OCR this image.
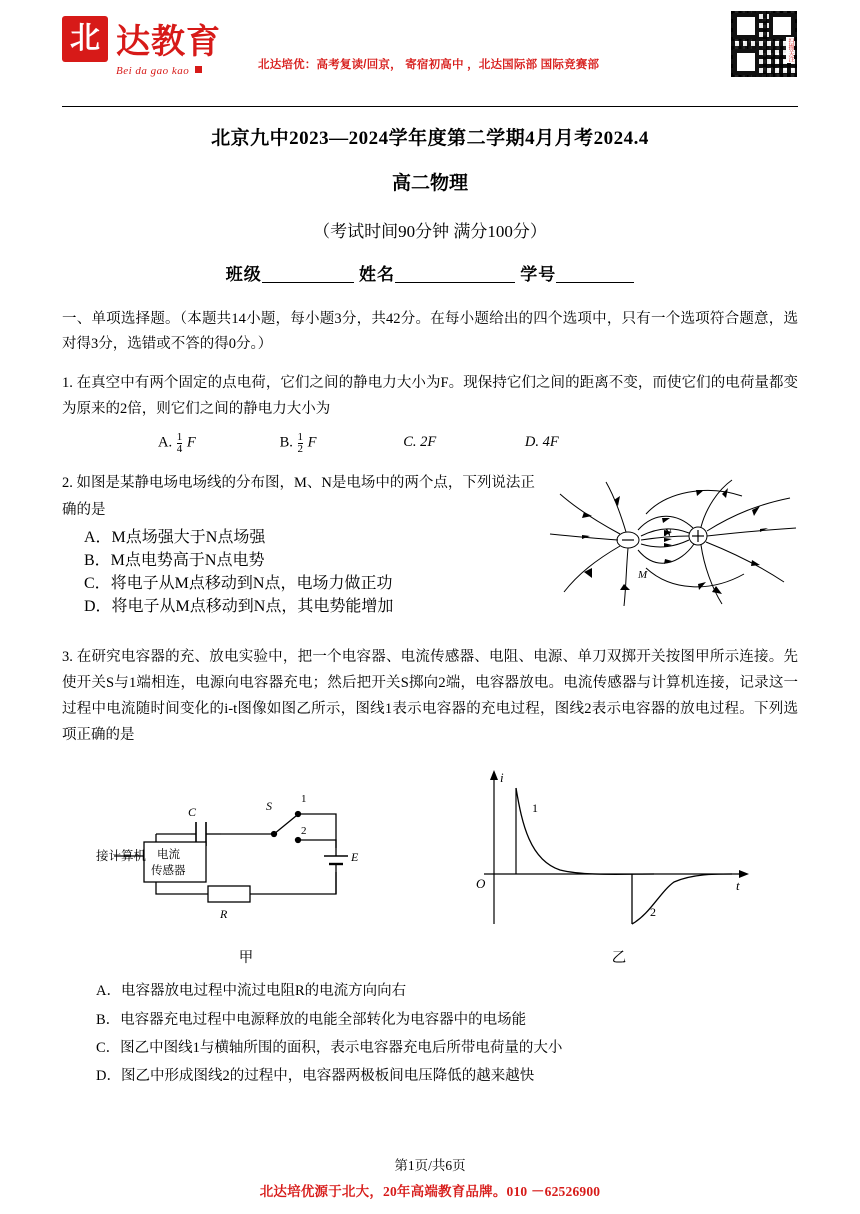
北 达教育
Bei da gao kao	北达培优：高考复读/回京， 寄宿初高中 ，北达国际部 国际竞赛部
扫描关注
北京九中2023—2024学年度第二学期4月月考2024.4
高二物理
（考试时间90分钟 满分100分）
班级	姓名	学号
一、单项选择题。（本题共14小题，每小题3分，共42分。在每小题给出的四个选项中，只有一个选项符合题意，选对得3分，选错或不答的得0分。）
1. 在真空中有两个固定的点电荷，它们之间的静电力大小为F。现保持它们之间的距离不变，而使它们的电荷量都变为原来的2倍，则它们之间的静电力大小为
A. $\frac{1}{4}$ F	B. $\frac{1}{2}$ F	C. 2F	D. 4F
2. 如图是某静电场电场线的分布图，M、N是电场中的两个点，下列说法正确的是
A．M点场强大于N点场强
B．M点电势高于N点电势
C．将电子从M点移动到N点，电场力做正功
D．将电子从M点移动到N点，其电势能增加
N
M
3. 在研究电容器的充、放电实验中，把一个电容器、电流传感器、电阻、电源、单刀双掷开关按图甲所示连接。先使开关S与1端相连，电源向电容器充电；然后把开关S掷向2端，电容器放电。电流传感器与计算机连接，记录这一过程中电流随时间变化的i-t图像如图乙所示，图线1表示电容器的充电过程，图线2表示电容器的放电过程。下列选项正确的是
C
R
E
S	1
2
接计算机 电流
传感器
甲
i
t
O
1
2
乙
A．电容器放电过程中流过电阻R的电流方向向右
B．电容器充电过程中电源释放的电能全部转化为电容器中的电场能
C．图乙中图线1与横轴所围的面积，表示电容器充电后所带电荷量的大小
D．图乙中形成图线2的过程中，电容器两极板间电压降低的越来越快
第1页/共6页
北达培优源于北大，20年高端教育品牌。010 －62526900
